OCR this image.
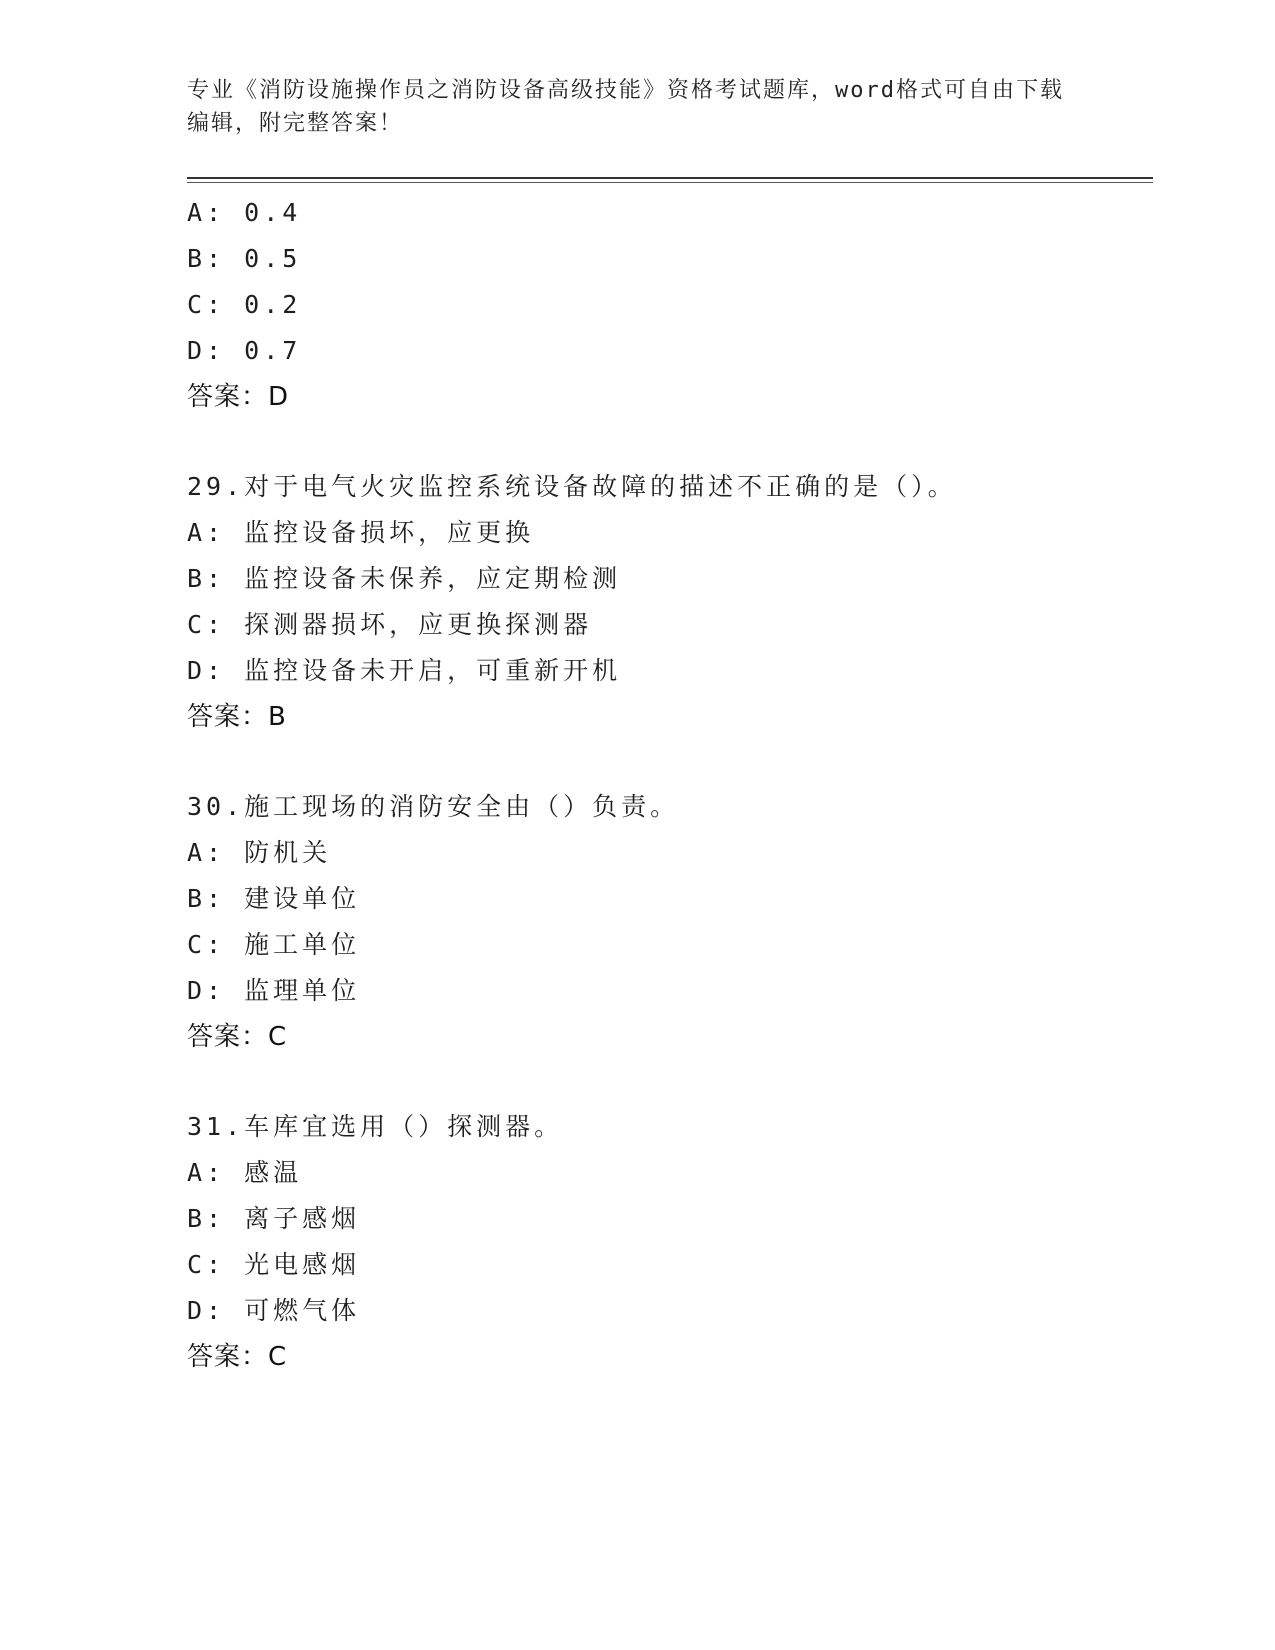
专业《消防设施操作员之消防设备高级技能》资格考试题库，word格式可自由下载编辑，附完整答案！
A: 0.4
B: 0.5
C: 0.2
D: 0.7
答案：D
29.对于电气火灾监控系统设备故障的描述不正确的是（）。
A: 监控设备损坏，应更换
B: 监控设备未保养，应定期检测
C: 探测器损坏，应更换探测器
D: 监控设备未开启，可重新开机
答案：B
30.施工现场的消防安全由（）负责。
A: 防机关
B: 建设单位
C: 施工单位
D: 监理单位
答案：C
31.车库宜选用（）探测器。
A: 感温
B: 离子感烟
C: 光电感烟
D: 可燃气体
答案：C
